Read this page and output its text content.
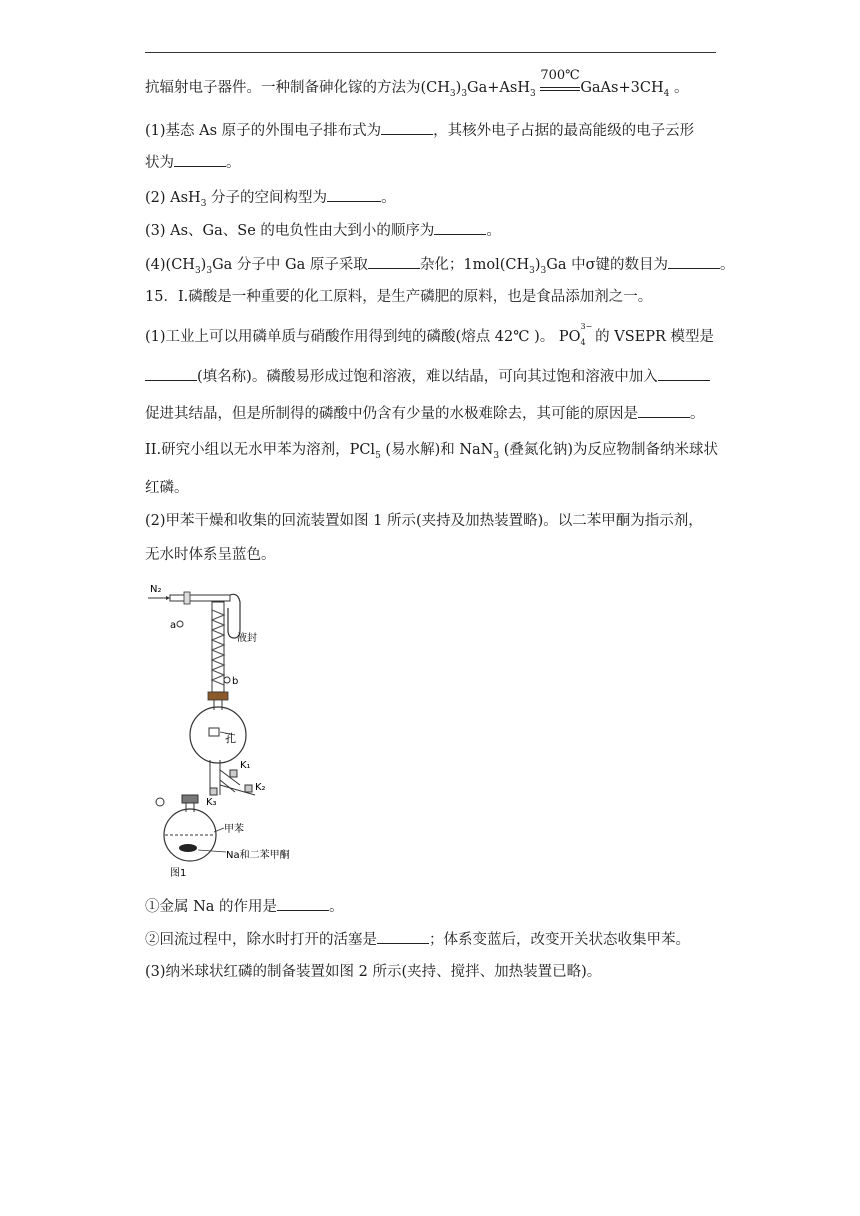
抗辐射电子器件。一种制备砷化镓的方法为$(CH_3)_3Ga+AsH_3$
700℃
$GaAs+3CH_4$ 。
(1)基态 As 原子的外围电子排布式为	，其核外电子占据的最高能级的电子云形
状为	。
(2) AsH$_3$ 分子的空间构型为	。
(3) As、Ga、Se 的电负性由大到小的顺序为	。
$(4)(CH_3)_3Ga$ 分子中 Ga 原子采取	杂化；$1mol(CH_3)_3Ga$ 中σ键的数目为	。
15．I.磷酸是一种重要的化工原料，是生产磷肥的原料，也是食品添加剂之一。
(1)工业上可以用磷单质与硝酸作用得到纯的磷酸(熔点 42℃ )。 PO
3−
4 的 VSEPR 模型是
(填名称)。磷酸易形成过饱和溶液，难以结晶，可向其过饱和溶液中加入
促进其结晶，但是所制得的磷酸中仍含有少量的水极难除去，其可能的原因是	。
II.研究小组以无水甲苯为溶剂，PCl$_5$ (易水解)和 NaN$_3$ (叠氮化钠)为反应物制备纳米球状
红磷。
(2)甲苯干燥和收集的回流装置如图 1 所示(夹持及加热装置略)。以二苯甲酮为指示剂，
无水时体系呈蓝色。
N₂
液封
a
b
孔
K₁
K₂
K₃
甲苯
Na和二苯甲酮
图1
①金属 Na 的作用是	。
②回流过程中，除水时打开的活塞是	；体系变蓝后，改变开关状态收集甲苯。
(3)纳米球状红磷的制备装置如图 2 所示(夹持、搅拌、加热装置已略)。
